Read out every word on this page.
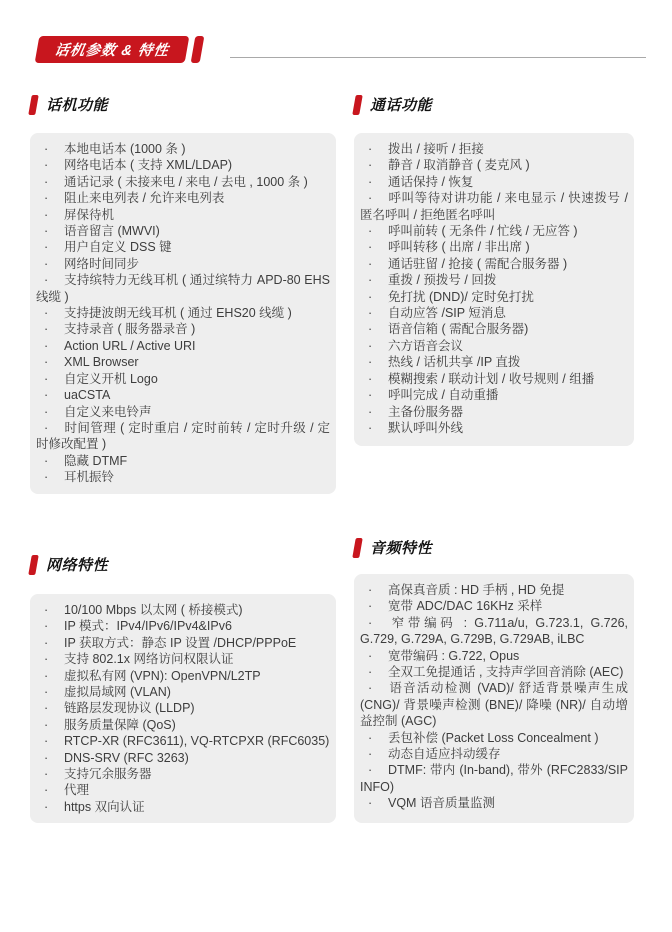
话机参数 & 特性
话机功能
·本地电话本 (1000 条 )
·网络电话本 ( 支持 XML/LDAP)
·通话记录 ( 未接来电 / 来电 / 去电 , 1000 条 )
·阻止来电列表 / 允许来电列表
·屏保待机
·语音留言 (MWVI)
·用户自定义 DSS 键
·网络时间同步
·支持缤特力无线耳机 ( 通过缤特力 APD-80 EHS 线缆 )
·支持捷波朗无线耳机 ( 通过 EHS20 线缆 )
·支持录音 ( 服务器录音 )
·Action URL / Active URI
·XML Browser
·自定义开机 Logo
·uaCSTA
·自定义来电铃声
·时间管理 ( 定时重启 / 定时前转 / 定时升级 / 定时修改配置 )
·隐藏 DTMF
·耳机振铃
通话功能
·拨出 / 接听 / 拒接
·静音 / 取消静音 ( 麦克风 )
·通话保持 / 恢复
·呼叫等待对讲功能 / 来电显示 / 快速拨号 / 匿名呼叫 / 拒绝匿名呼叫
·呼叫前转 ( 无条件 / 忙线 / 无应答 )
·呼叫转移 ( 出席 / 非出席 )
·通话驻留 / 抢接 ( 需配合服务器 )
·重拨 / 预拨号 / 回拨
·免打扰 (DND)/ 定时免打扰
·自动应答 /SIP 短消息
·语音信箱 ( 需配合服务器)
·六方语音会议
·热线 / 话机共享 /IP 直拨
·模糊搜索 / 联动计划 / 收号规则 / 组播
·呼叫完成 / 自动重播
·主备份服务器
·默认呼叫外线
网络特性
·10/100 Mbps 以太网 ( 桥接模式)
·IP 模式：IPv4/IPv6/IPv4&IPv6
·IP 获取方式：静态 IP 设置 /DHCP/PPPoE
·支持 802.1x 网络访问权限认证
·虚拟私有网 (VPN): OpenVPN/L2TP
·虚拟局域网 (VLAN)
·链路层发现协议 (LLDP)
·服务质量保障 (QoS)
·RTCP-XR (RFC3611), VQ-RTCPXR (RFC6035)
·DNS-SRV (RFC 3263)
·支持冗余服务器
·代理
·https 双向认证
音频特性
·高保真音质 : HD 手柄 , HD 免提
·宽带 ADC/DAC 16KHz 采样
·窄带编码 : G.711a/u, G.723.1, G.726, G.729, G.729A, G.729B, G.729AB, iLBC
·宽带编码 : G.722, Opus
·全双工免提通话 , 支持声学回音消除 (AEC)
·语音活动检测 (VAD)/ 舒适背景噪声生成 (CNG)/ 背景噪声检测 (BNE)/ 降噪 (NR)/ 自动增益控制 (AGC)
·丢包补偿 (Packet Loss Concealment )
·动态自适应抖动缓存
·DTMF: 带内 (In-band), 带外 (RFC2833/SIP INFO)
·VQM 语音质量监测
